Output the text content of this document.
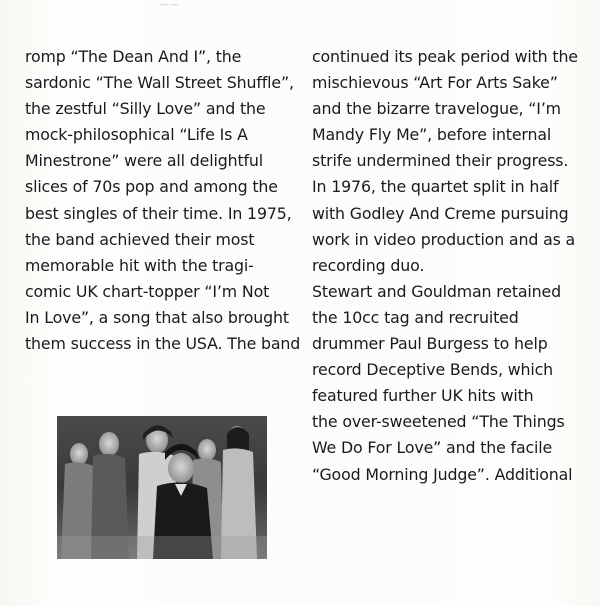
——
romp “The Dean And I”, the
sardonic “The Wall Street Shuffle”,
the zestful “Silly Love” and the
mock-philosophical “Life Is A
Minestrone” were all delightful
slices of 70s pop and among the
best singles of their time. In 1975,
the band achieved their most
memorable hit with the tragi-
comic UK chart-topper “I’m Not
In Love”, a song that also brought
them success in the USA. The band
continued its peak period with the
mischievous “Art For Arts Sake”
and the bizarre travelogue, “I’m
Mandy Fly Me”, before internal
strife undermined their progress.
In 1976, the quartet split in half
with Godley And Creme pursuing
work in video production and as a
recording duo.
Stewart and Gouldman retained
the 10cc tag and recruited
drummer Paul Burgess to help
record Deceptive Bends, which
featured further UK hits with
the over-sweetened “The Things
We Do For Love” and the facile
“Good Morning Judge”. Additional
